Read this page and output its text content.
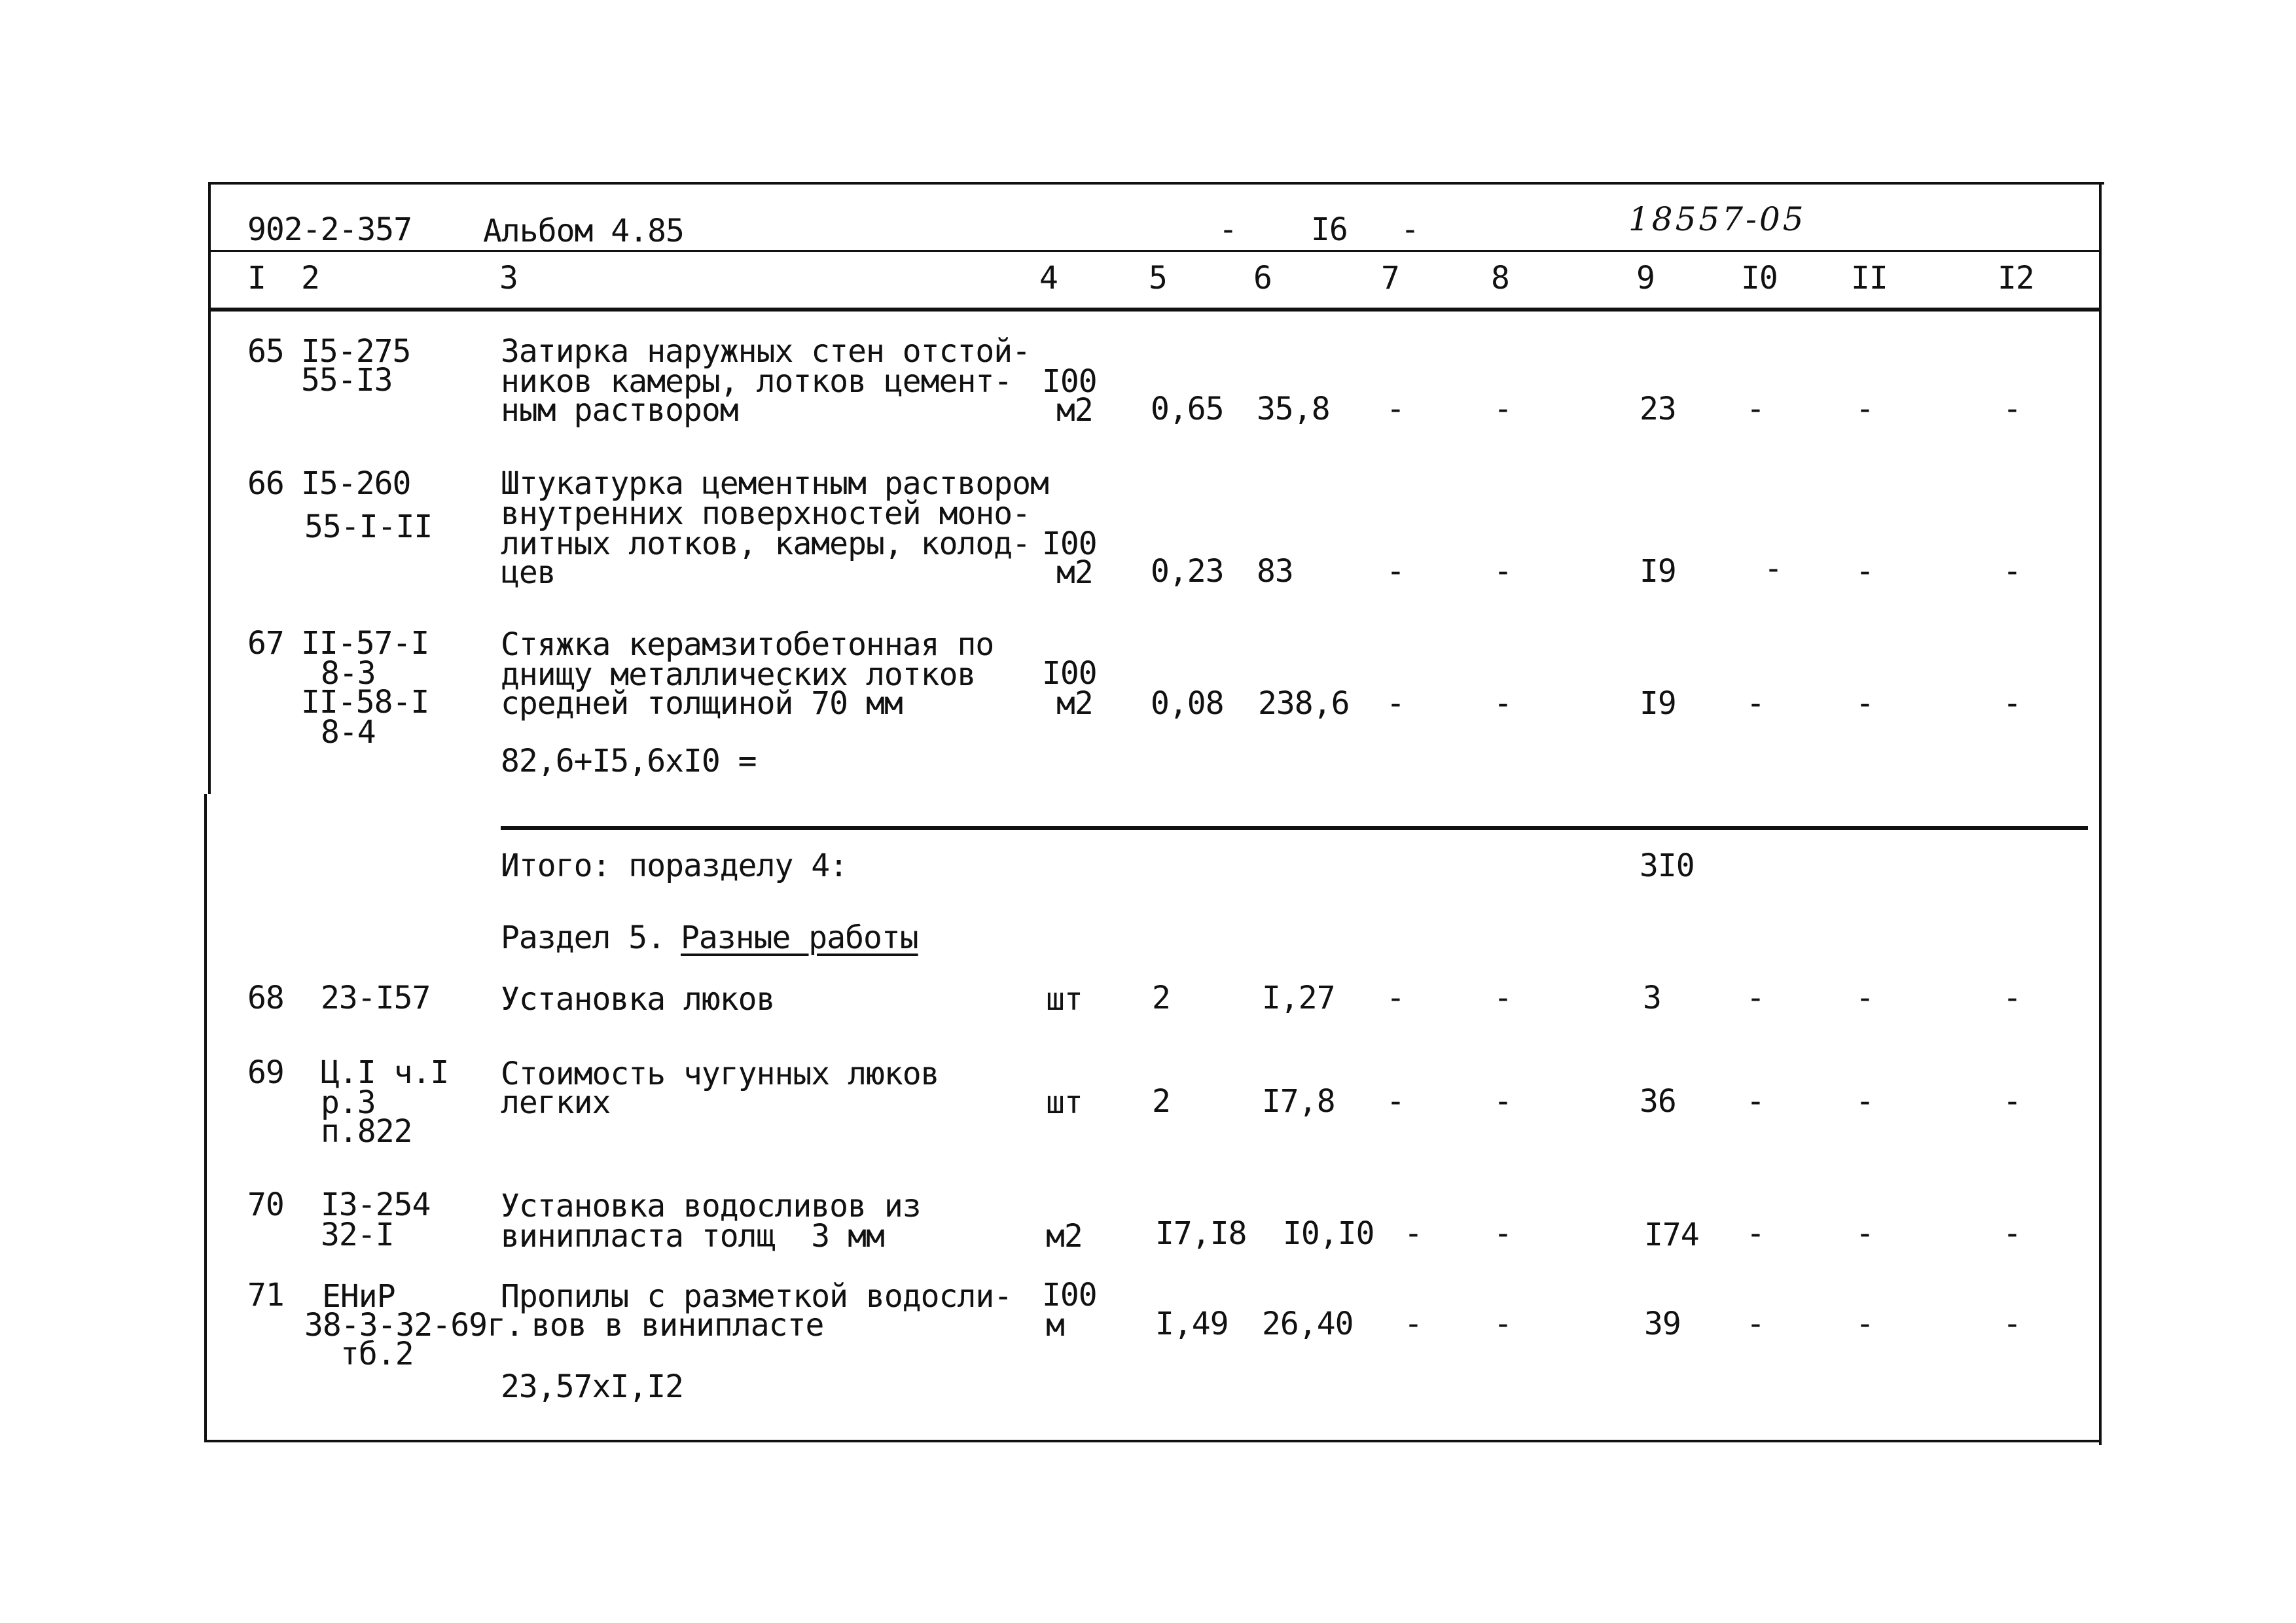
902-2-357 Альбом 4.85	- I6 -	18557-05
I 2	3	4	5	6	7	8	9	I0 II	I2
65 I5-275
55-I3
Затирка наружных стен отстой-
ников камеры, лотков цемент-
ным раствором
I00
м2 0,65 35,8 -	-	23 -	-	-
66 I5-260
55-I-II
Штукатурка цементным раствором
внутренних поверхностей моно-
литных лотков, камеры, колод-
цев
I00
м2 0,23 83	-	-	I9	- -	-
67 II-57-I
8-3
II-58-I
8-4
Стяжка керамзитобетонная по
днищу металлических лотков
средней толщиной 70 мм
82,6+I5,6xI0 =
I00
м2 0,08 238,6 -	-	I9 -	-	-
Итого: поразделу 4:	3I0
Раздел 5. Разные работы
68 23-I57 Установка люков	шт 2	I,27 -	-	3	-	-	-
69 Ц.I ч.I
р.3
п.822
Стоимость чугунных люков
легких	шт 2	I7,8 -	-	36 -	-	-
70 I3-254
32-I
Установка водосливов из
винипласта толщ  3 мм	м2 I7,I8 I0,I0 - -	I74 -	-	-
71 ЕНиР
38-3-32-69г.
тб.2
Пропилы с разметкой водосли-
вов в винипласте
23,57xI,I2
I00
м	I,49 26,40 - -	39 -	-	-
